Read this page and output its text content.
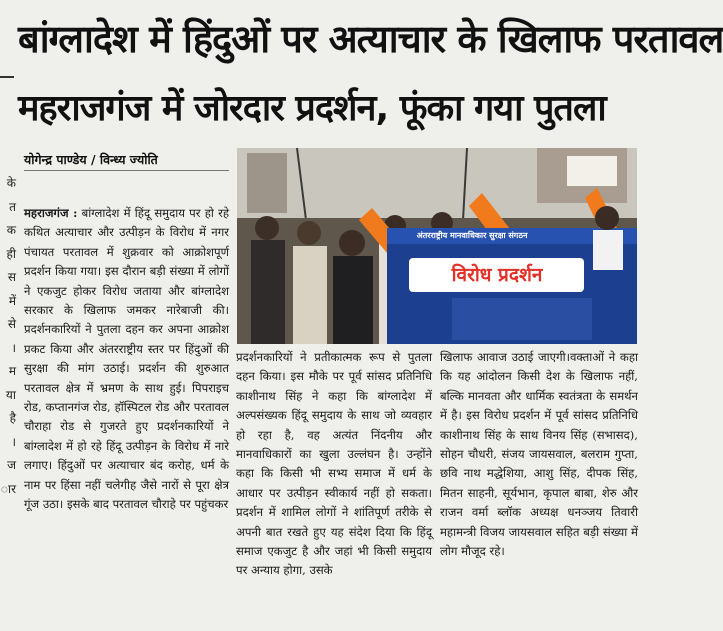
बांग्लादेश में हिंदुओं पर अत्याचार के खिलाफ परतावल
महराजगंज में जोरदार प्रदर्शन, फूंका गया पुतला
के
त
क
ही
स
में
से
।
म
या
है
।
ज
ार
योगेन्द्र पाण्डेय / विन्ध्य ज्योति

महराजगंज : बांग्लादेश में हिंदू समुदाय पर हो रहे कथित अत्याचार और उत्पीड़न के विरोध में नगर पंचायत परतावल में शुक्रवार को आक्रोशपूर्ण प्रदर्शन किया गया। इस दौरान बड़ी संख्या में लोगों ने एकजुट होकर विरोध जताया और बांग्लादेश सरकार के खिलाफ जमकर नारेबाजी की। प्रदर्शनकारियों ने पुतला दहन कर अपना आक्रोश प्रकट किया और अंतरराष्ट्रीय स्तर पर हिंदुओं की सुरक्षा की मांग उठाई। प्रदर्शन की शुरुआत परतावल क्षेत्र में भ्रमण के साथ हुई। पिपराइच रोड, कप्तानगंज रोड, हॉस्पिटल रोड और परतावल चौराहा रोड से गुजरते हुए प्रदर्शनकारियों ने बांग्लादेश में हो रहे हिंदू उत्पीड़न के विरोध में नारे लगाए। हिंदुओं पर अत्याचार बंद करोह, धर्म के नाम पर हिंसा नहीं चलेगीह जैसे नारों से पूरा क्षेत्र गूंज उठा। इसके बाद परतावल चौराहे पर पहुंचकर

अंतरराष्ट्रीय मानवाधिकार सुरक्षा संगठन
विरोध प्रदर्शन

प्रदर्शनकारियों ने प्रतीकात्मक रूप से पुतला दहन किया। इस मौके पर पूर्व सांसद प्रतिनिधि काशीनाथ सिंह ने कहा कि बांग्लादेश में अल्पसंख्यक हिंदू समुदाय के साथ जो व्यवहार हो रहा है, वह अत्यंत निंदनीय और मानवाधिकारों का खुला उल्लंघन है। उन्होंने कहा कि किसी भी सभ्य समाज में धर्म के आधार पर उत्पीड़न स्वीकार्य नहीं हो सकता। प्रदर्शन में शामिल लोगों ने शांतिपूर्ण तरीके से अपनी बात रखते हुए यह संदेश दिया कि हिंदू समाज एकजुट है और जहां भी किसी समुदाय पर अन्याय होगा, उसके

खिलाफ आवाज उठाई जाएगी।वक्ताओं ने कहा कि यह आंदोलन किसी देश के खिलाफ नहीं, बल्कि मानवता और धार्मिक स्वतंत्रता के समर्थन में है। इस विरोध प्रदर्शन में पूर्व सांसद प्रतिनिधि काशीनाथ सिंह के साथ विनय सिंह (सभासद), सोहन चौधरी, संजय जायसवाल, बलराम गुप्ता, छवि नाथ मद्धेशिया, आशु सिंह, दीपक सिंह, मितन साहनी, सूर्यभान, कृपाल बाबा, शेरु और राजन वर्मा ब्लॉक अध्यक्ष धनञ्जय तिवारी महामन्त्री विजय जायसवाल सहित बड़ी संख्या में लोग मौजूद रहे।
